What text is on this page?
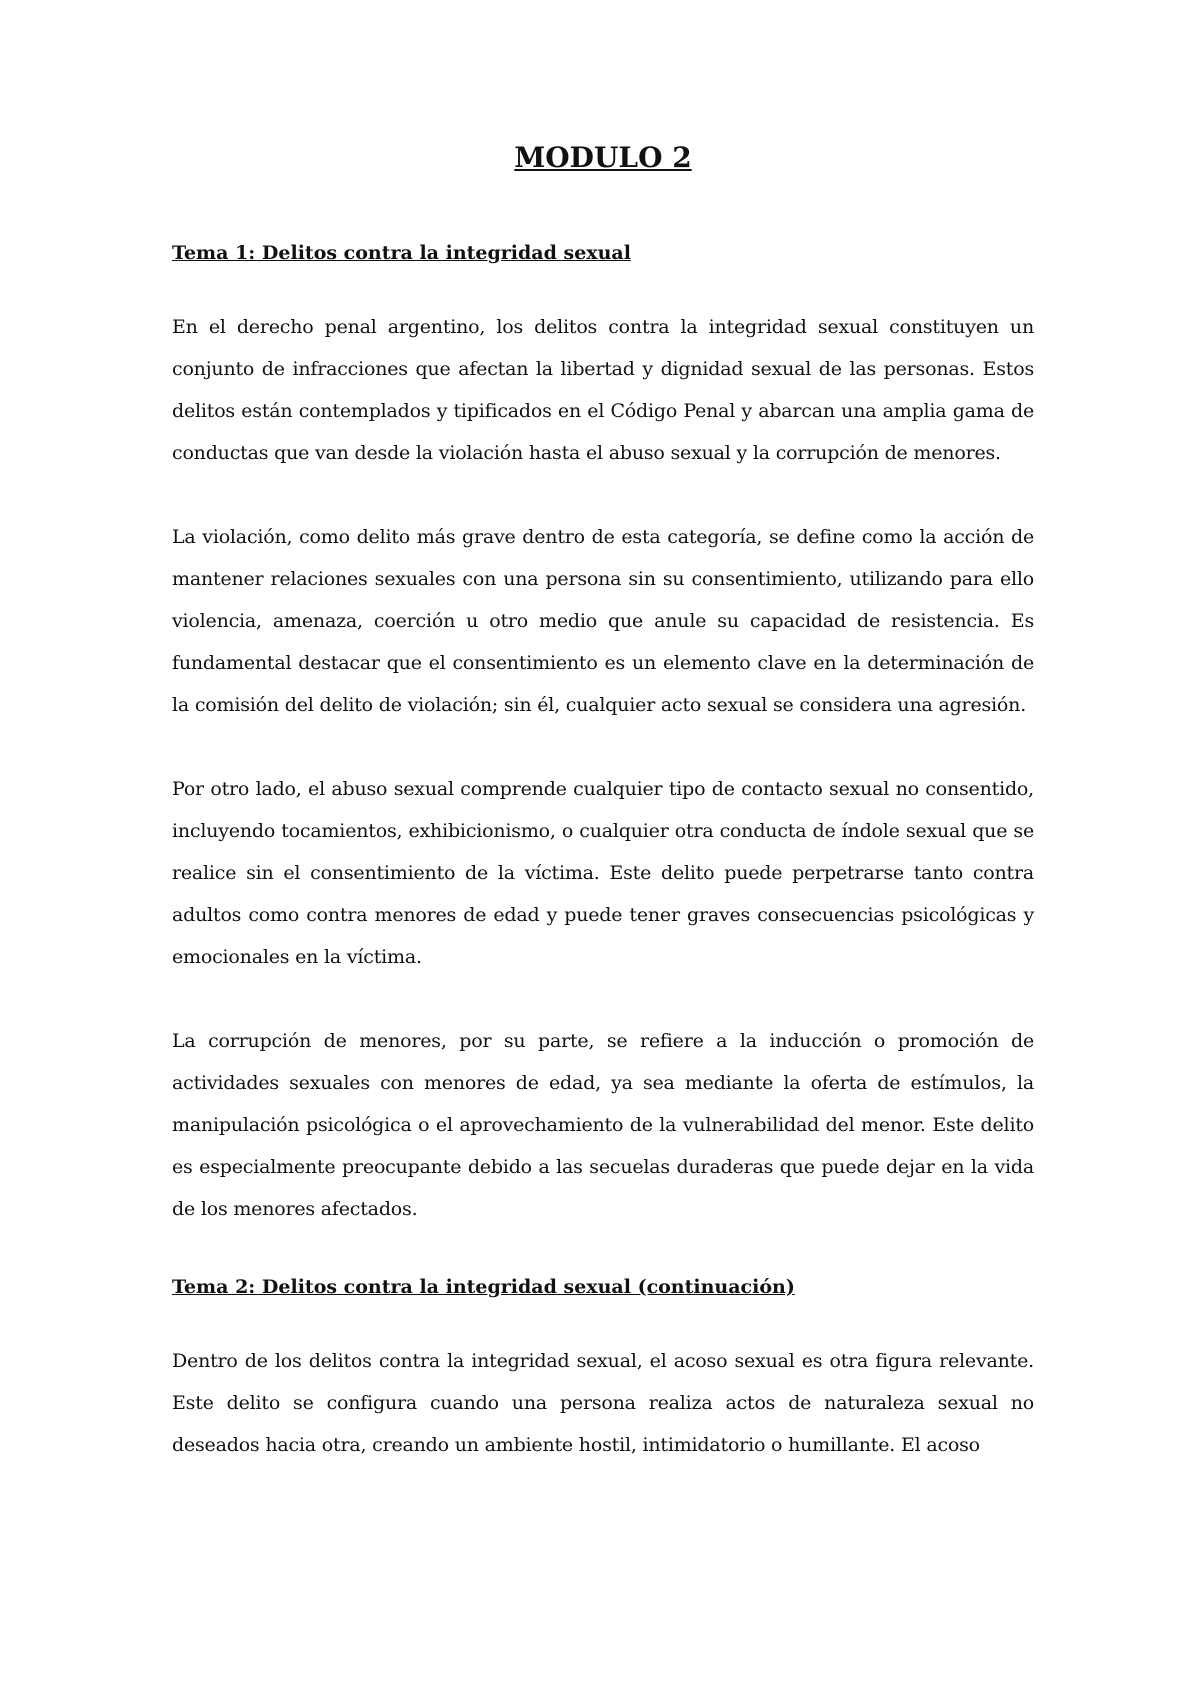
MODULO 2
Tema 1: Delitos contra la integridad sexual

En el derecho penal argentino, los delitos contra la integridad sexual constituyen un conjunto de infracciones que afectan la libertad y dignidad sexual de las personas. Estos delitos están contemplados y tipificados en el Código Penal y abarcan una amplia gama de conductas que van desde la violación hasta el abuso sexual y la corrupción de menores.

La violación, como delito más grave dentro de esta categoría, se define como la acción de mantener relaciones sexuales con una persona sin su consentimiento, utilizando para ello violencia, amenaza, coerción u otro medio que anule su capacidad de resistencia. Es fundamental destacar que el consentimiento es un elemento clave en la determinación de la comisión del delito de violación; sin él, cualquier acto sexual se considera una agresión.

Por otro lado, el abuso sexual comprende cualquier tipo de contacto sexual no consentido, incluyendo tocamientos, exhibicionismo, o cualquier otra conducta de índole sexual que se realice sin el consentimiento de la víctima. Este delito puede perpetrarse tanto contra adultos como contra menores de edad y puede tener graves consecuencias psicológicas y emocionales en la víctima.

La corrupción de menores, por su parte, se refiere a la inducción o promoción de actividades sexuales con menores de edad, ya sea mediante la oferta de estímulos, la manipulación psicológica o el aprovechamiento de la vulnerabilidad del menor. Este delito es especialmente preocupante debido a las secuelas duraderas que puede dejar en la vida de los menores afectados.

Tema 2: Delitos contra la integridad sexual (continuación)

Dentro de los delitos contra la integridad sexual, el acoso sexual es otra figura relevante. Este delito se configura cuando una persona realiza actos de naturaleza sexual no deseados hacia otra, creando un ambiente hostil, intimidatorio o humillante. El acoso
